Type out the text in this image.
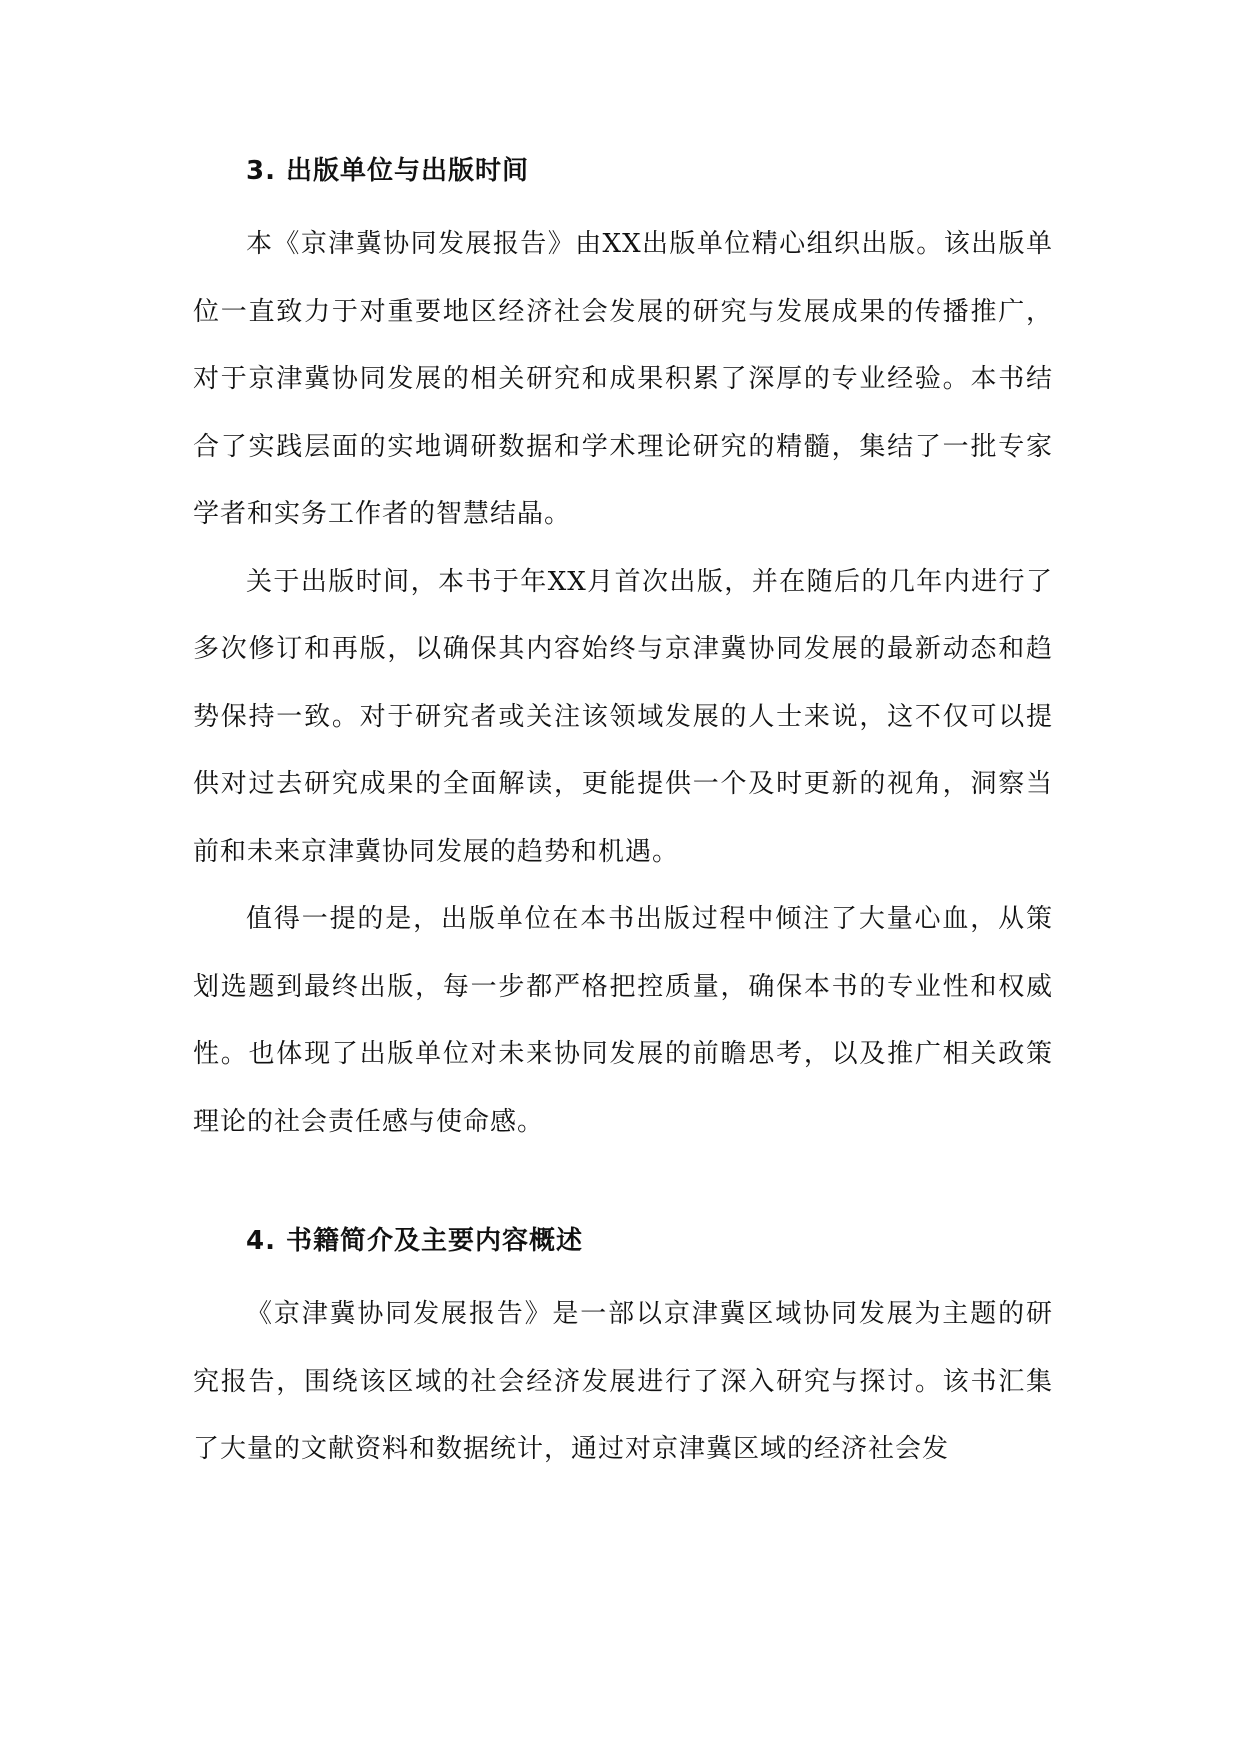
3. 出版单位与出版时间

本《京津冀协同发展报告》由XX出版单位精心组织出版。该出版单位一直致力于对重要地区经济社会发展的研究与发展成果的传播推广，对于京津冀协同发展的相关研究和成果积累了深厚的专业经验。本书结合了实践层面的实地调研数据和学术理论研究的精髓，集结了一批专家学者和实务工作者的智慧结晶。

关于出版时间，本书于年XX月首次出版，并在随后的几年内进行了多次修订和再版，以确保其内容始终与京津冀协同发展的最新动态和趋势保持一致。对于研究者或关注该领域发展的人士来说，这不仅可以提供对过去研究成果的全面解读，更能提供一个及时更新的视角，洞察当前和未来京津冀协同发展的趋势和机遇。

值得一提的是，出版单位在本书出版过程中倾注了大量心血，从策划选题到最终出版，每一步都严格把控质量，确保本书的专业性和权威性。也体现了出版单位对未来协同发展的前瞻思考，以及推广相关政策理论的社会责任感与使命感。

4. 书籍简介及主要内容概述

《京津冀协同发展报告》是一部以京津冀区域协同发展为主题的研究报告，围绕该区域的社会经济发展进行了深入研究与探讨。该书汇集了大量的文献资料和数据统计，通过对京津冀区域的经济社会发
